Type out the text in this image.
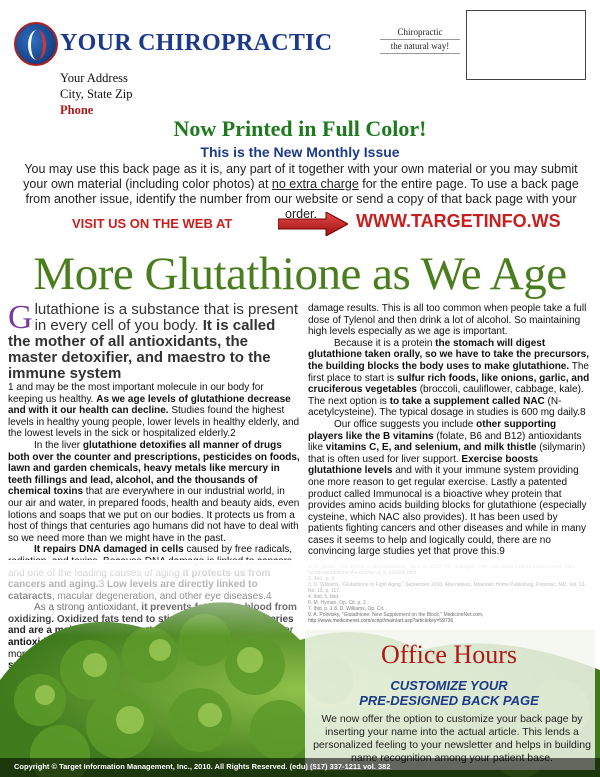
YOUR CHIROPRACTIC
Your Address
City, State Zip
Phone
Chiropractic
the natural way!
Now Printed in Full Color!
This is the New Monthly Issue
You may use this back page as it is, any part of it together with your own material or you may submit your own material (including color photos) at no extra charge for the entire page. To use a back page from another issue, identify the number from our website or send a copy of that back page with your order.
VISIT US ON THE WEB AT	WWW.TARGETINFO.WS
More Glutathione as We Age
Glutathione is a substance that is present in every cell of you body. It is called the mother of all antioxidants, the master detoxifier, and maestro to the immune system
1 and may be the most important molecule in our body for keeping us healthy. As we age levels of glutathione decrease and with it our health can decline. Studies found the highest levels in healthy young people, lower levels in healthy elderly, and the lowest levels in the sick or hospitalized elderly.2

In the liver glutathione detoxifies all manner of drugs both over the counter and prescriptions, pesticides on foods, lawn and garden chemicals, heavy metals like mercury in teeth fillings and lead, alcohol, and the thousands of chemical toxins that are everywhere in our industrial world, in our air and water, in prepared foods, health and beauty aids, even lotions and soaps that we put on our bodies. It protects us from a host of things that centuries ago humans did not have to deal with so we need more than we might have in the past.

It repairs DNA damaged in cells caused by free radicals,

damage results. This is all too common when people take a full dose of Tylenol and then drink a lot of alcohol. So maintaining high levels especially as we age is important.

Because it is a protein the stomach will digest glutathione taken orally, so we have to take the precursors, the building blocks the body uses to make glutathione. The first place to start is sulfur rich foods, like onions, garlic, and cruciferous vegetables (broccoli, cauliflower, cabbage, kale). The next option is to take a supplement called NAC (N-acetylcysteine). The typical dosage in studies is 600 mg daily.8

Our office suggests you include other supporting players like the B vitamins (folate, B6 and B12) antioxidants like vitamins C, E, and selenium, and milk thistle (silymarin) that is often used for liver support. Exercise boosts glutathione levels and with it your immune system providing one more reason to get regular exercise. Lastly a patented product called Immunocal is a bioactive whey protein that provides amino acids building blocks for glutathione (especially cysteine, which NAC also provides). It has been used by patients fighting cancers and other diseases and while in many cases it seems to help and logically could, there are no convincing large studies yet that prove this.9

Office Hours
CUSTOMIZE YOUR
PRE-DESIGNED BACK PAGE
We now offer the option to customize your back page by inserting your name into the actual article. This lends a personalized feeling to your newsletter and helps in building
Copyright © Target Information Management, Inc., 2010. All Rights Reserved. (edu) (517) 337-1211 vol. 382
